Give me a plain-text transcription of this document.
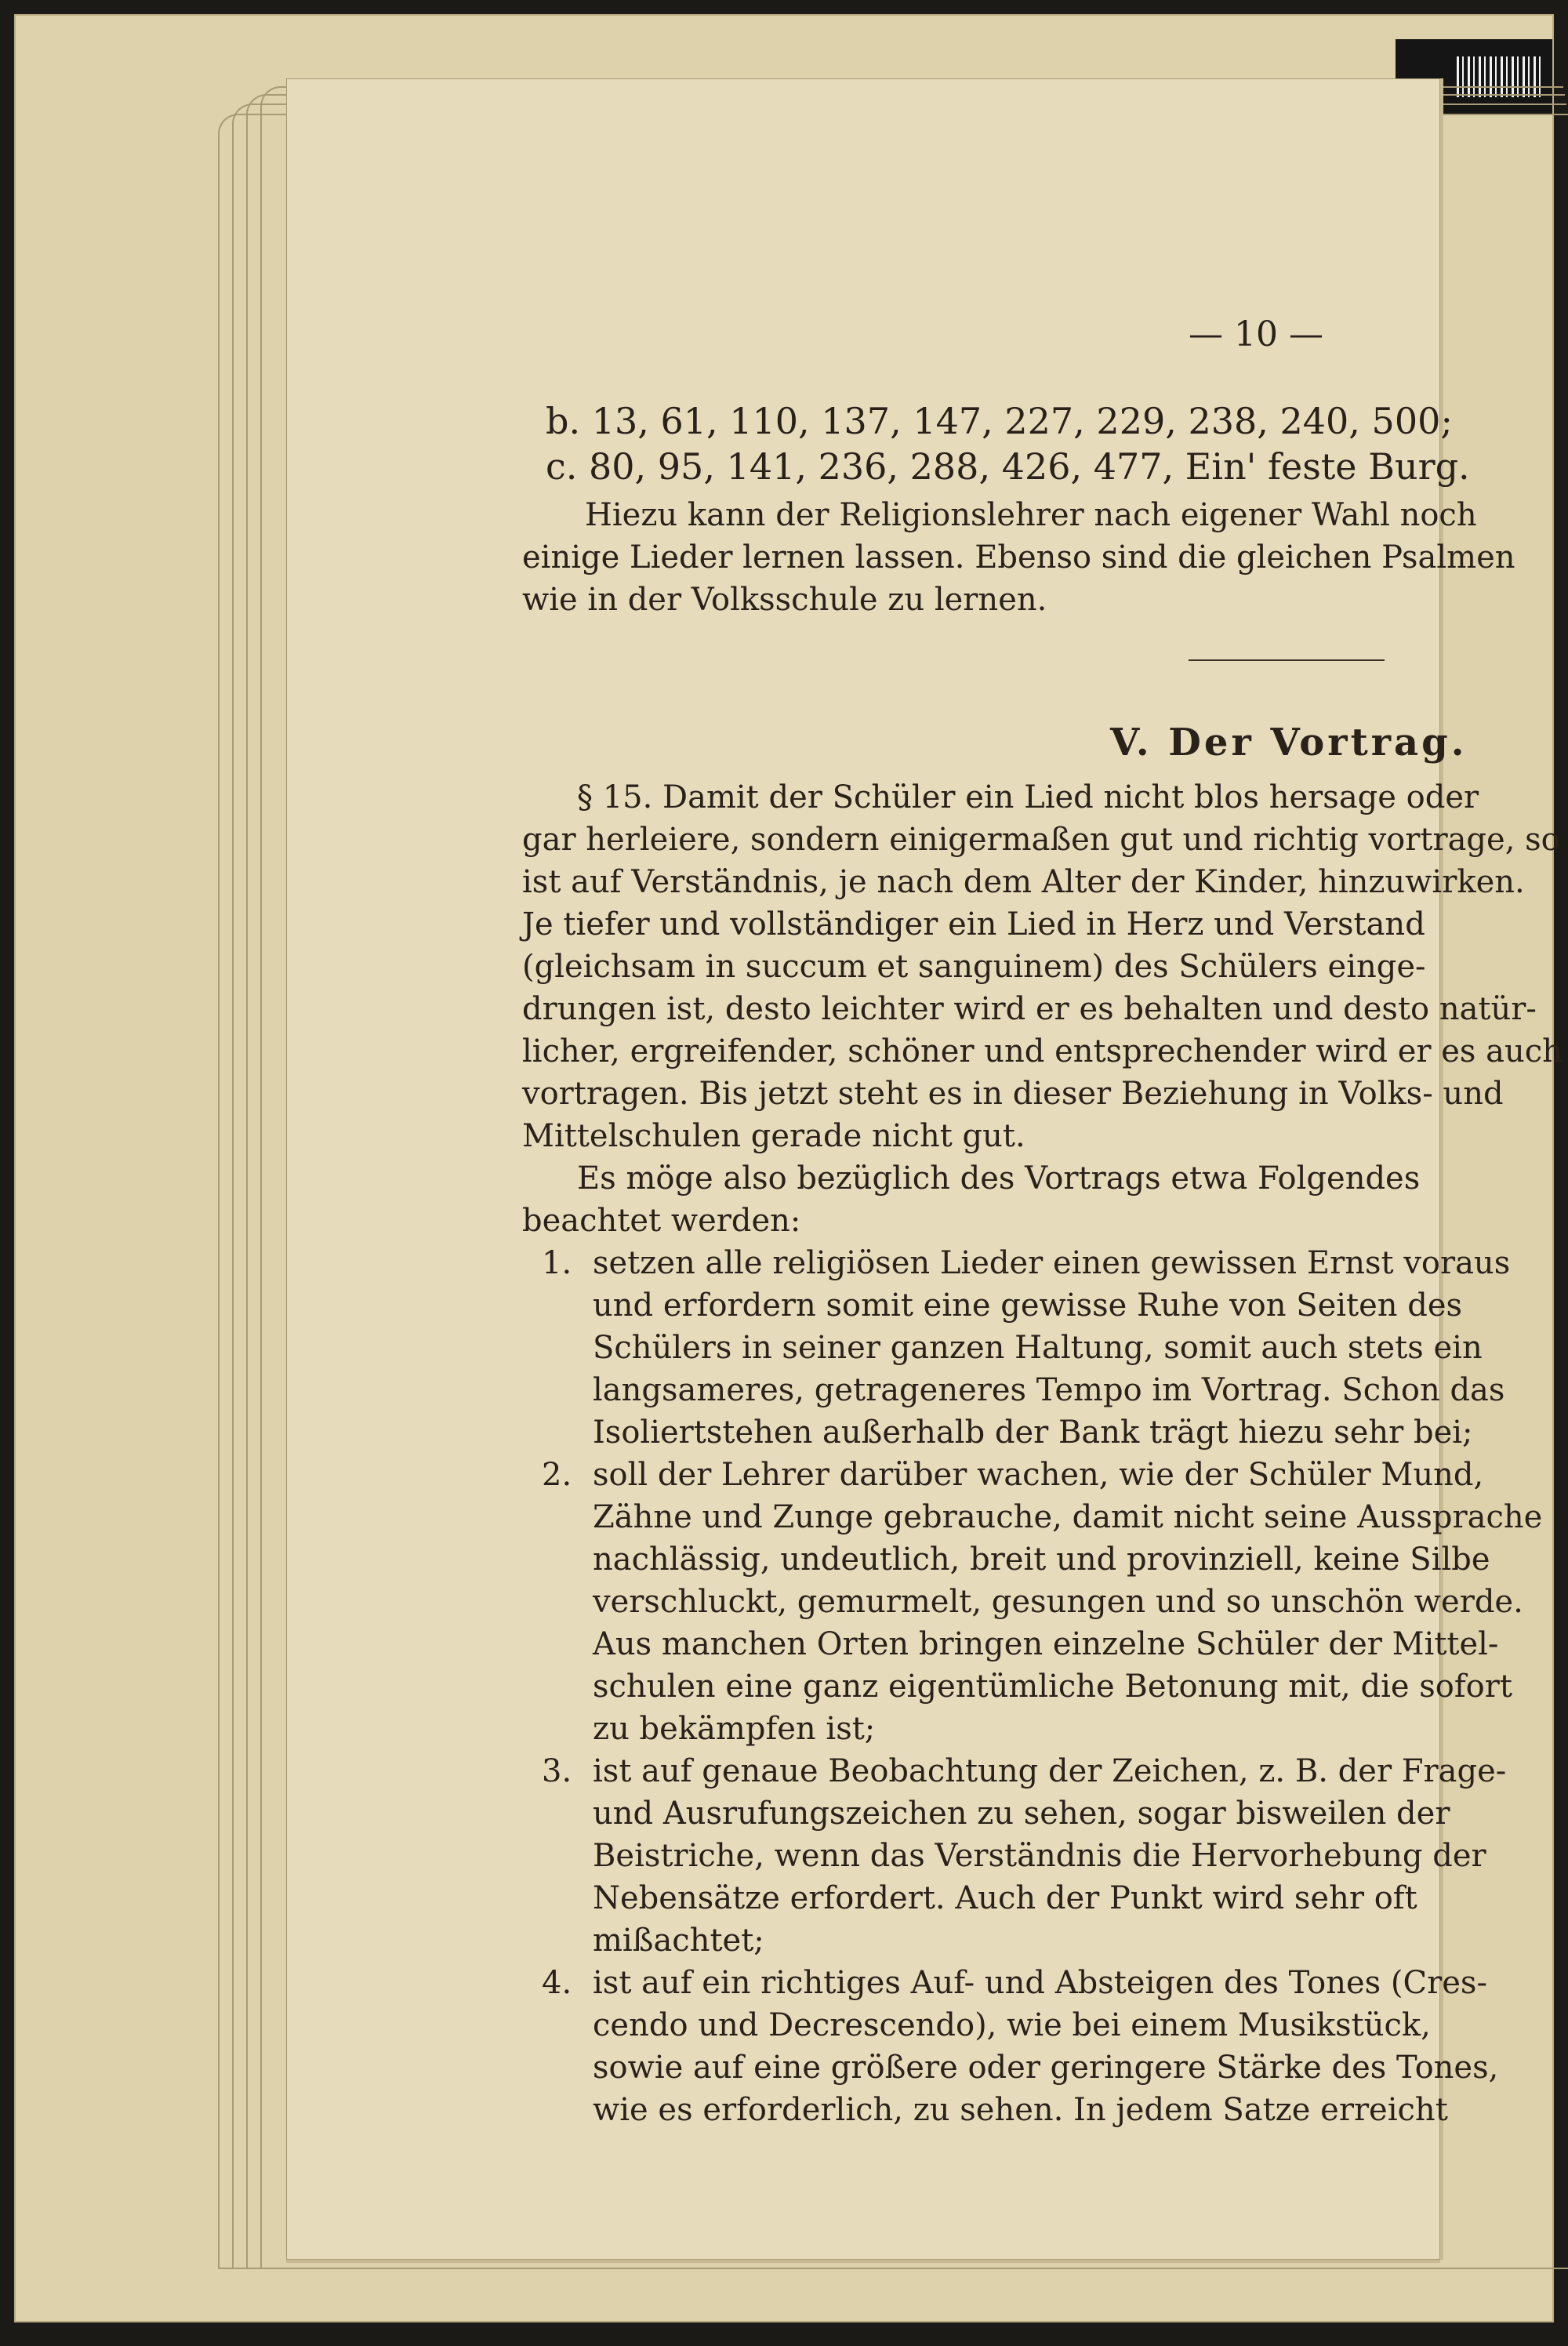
— 10 —
b. 13, 61, 110, 137, 147, 227, 229, 238, 240, 500;
c. 80, 95, 141, 236, 288, 426, 477, Ein' feste Burg.
Hiezu kann der Religionslehrer nach eigener Wahl noch
einige Lieder lernen lassen. Ebenso sind die gleichen Psalmen
wie in der Volksschule zu lernen.
V. Der Vortrag.
§ 15. Damit der Schüler ein Lied nicht blos hersage oder
gar herleiere, sondern einigermaßen gut und richtig vortrage, so
ist auf Verständnis, je nach dem Alter der Kinder, hinzuwirken.
Je tiefer und vollständiger ein Lied in Herz und Verstand
(gleichsam in succum et sanguinem) des Schülers einge-
drungen ist, desto leichter wird er es behalten und desto natür-
licher, ergreifender, schöner und entsprechender wird er es auch
vortragen. Bis jetzt steht es in dieser Beziehung in Volks- und
Mittelschulen gerade nicht gut.
Es möge also bezüglich des Vortrags etwa Folgendes
beachtet werden:
1. setzen alle religiösen Lieder einen gewissen Ernst voraus
und erfordern somit eine gewisse Ruhe von Seiten des
Schülers in seiner ganzen Haltung, somit auch stets ein
langsameres, getrageneres Tempo im Vortrag. Schon das
Isoliertstehen außerhalb der Bank trägt hiezu sehr bei;
2. soll der Lehrer darüber wachen, wie der Schüler Mund,
Zähne und Zunge gebrauche, damit nicht seine Aussprache
nachlässig, undeutlich, breit und provinziell, keine Silbe
verschluckt, gemurmelt, gesungen und so unschön werde.
Aus manchen Orten bringen einzelne Schüler der Mittel-
schulen eine ganz eigentümliche Betonung mit, die sofort
zu bekämpfen ist;
3. ist auf genaue Beobachtung der Zeichen, z. B. der Frage-
und Ausrufungszeichen zu sehen, sogar bisweilen der
Beistriche, wenn das Verständnis die Hervorhebung der
Nebensätze erfordert. Auch der Punkt wird sehr oft
mißachtet;
4. ist auf ein richtiges Auf- und Absteigen des Tones (Cres-
cendo und Decrescendo), wie bei einem Musikstück,
sowie auf eine größere oder geringere Stärke des Tones,
wie es erforderlich, zu sehen. In jedem Satze erreicht
